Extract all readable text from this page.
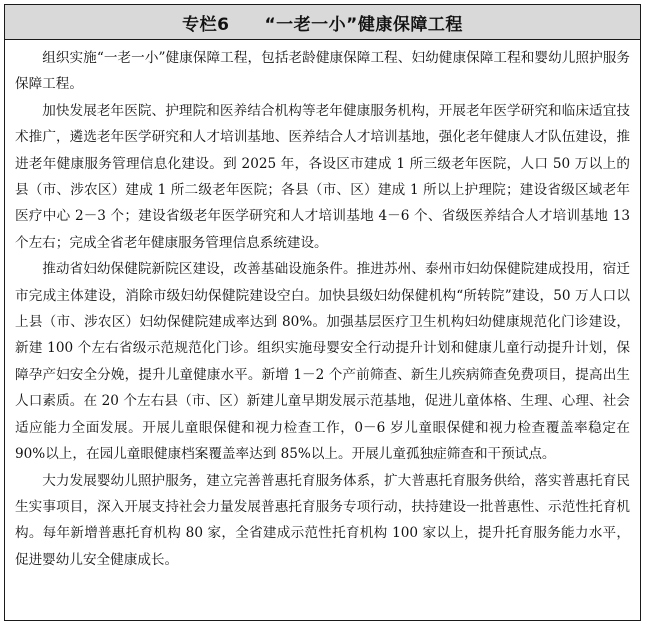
专栏6　　“一老一小”健康保障工程

组织实施“一老一小”健康保障工程，包括老龄健康保障工程、妇幼健康保障工程和婴幼儿照护服务保障工程。

加快发展老年医院、护理院和医养结合机构等老年健康服务机构，开展老年医学研究和临床适宜技术推广，遴选老年医学研究和人才培训基地、医养结合人才培训基地，强化老年健康人才队伍建设，推进老年健康服务管理信息化建设。到 2025 年，各设区市建成 1 所三级老年医院，人口 50 万以上的县（市、涉农区）建成 1 所二级老年医院；各县（市、区）建成 1 所以上护理院；建设省级区域老年医疗中心 2－3 个；建设省级老年医学研究和人才培训基地 4－6 个、省级医养结合人才培训基地 13 个左右；完成全省老年健康服务管理信息系统建设。

推动省妇幼保健院新院区建设，改善基础设施条件。推进苏州、泰州市妇幼保健院建成投用，宿迁市完成主体建设，消除市级妇幼保健院建设空白。加快县级妇幼保健机构“所转院”建设，50 万人口以上县（市、涉农区）妇幼保健院建成率达到 80%。加强基层医疗卫生机构妇幼健康规范化门诊建设，新建 100 个左右省级示范规范化门诊。组织实施母婴安全行动提升计划和健康儿童行动提升计划，保障孕产妇安全分娩，提升儿童健康水平。新增 1－2 个产前筛查、新生儿疾病筛查免费项目，提高出生人口素质。在 20 个左右县（市、区）新建儿童早期发展示范基地，促进儿童体格、生理、心理、社会适应能力全面发展。开展儿童眼保健和视力检查工作，0－6 岁儿童眼保健和视力检查覆盖率稳定在 90%以上，在园儿童眼健康档案覆盖率达到 85%以上。开展儿童孤独症筛查和干预试点。

大力发展婴幼儿照护服务，建立完善普惠托育服务体系，扩大普惠托育服务供给，落实普惠托育民生实事项目，深入开展支持社会力量发展普惠托育服务专项行动，扶持建设一批普惠性、示范性托育机构。每年新增普惠托育机构 80 家，全省建成示范性托育机构 100 家以上，提升托育服务能力水平，促进婴幼儿安全健康成长。
